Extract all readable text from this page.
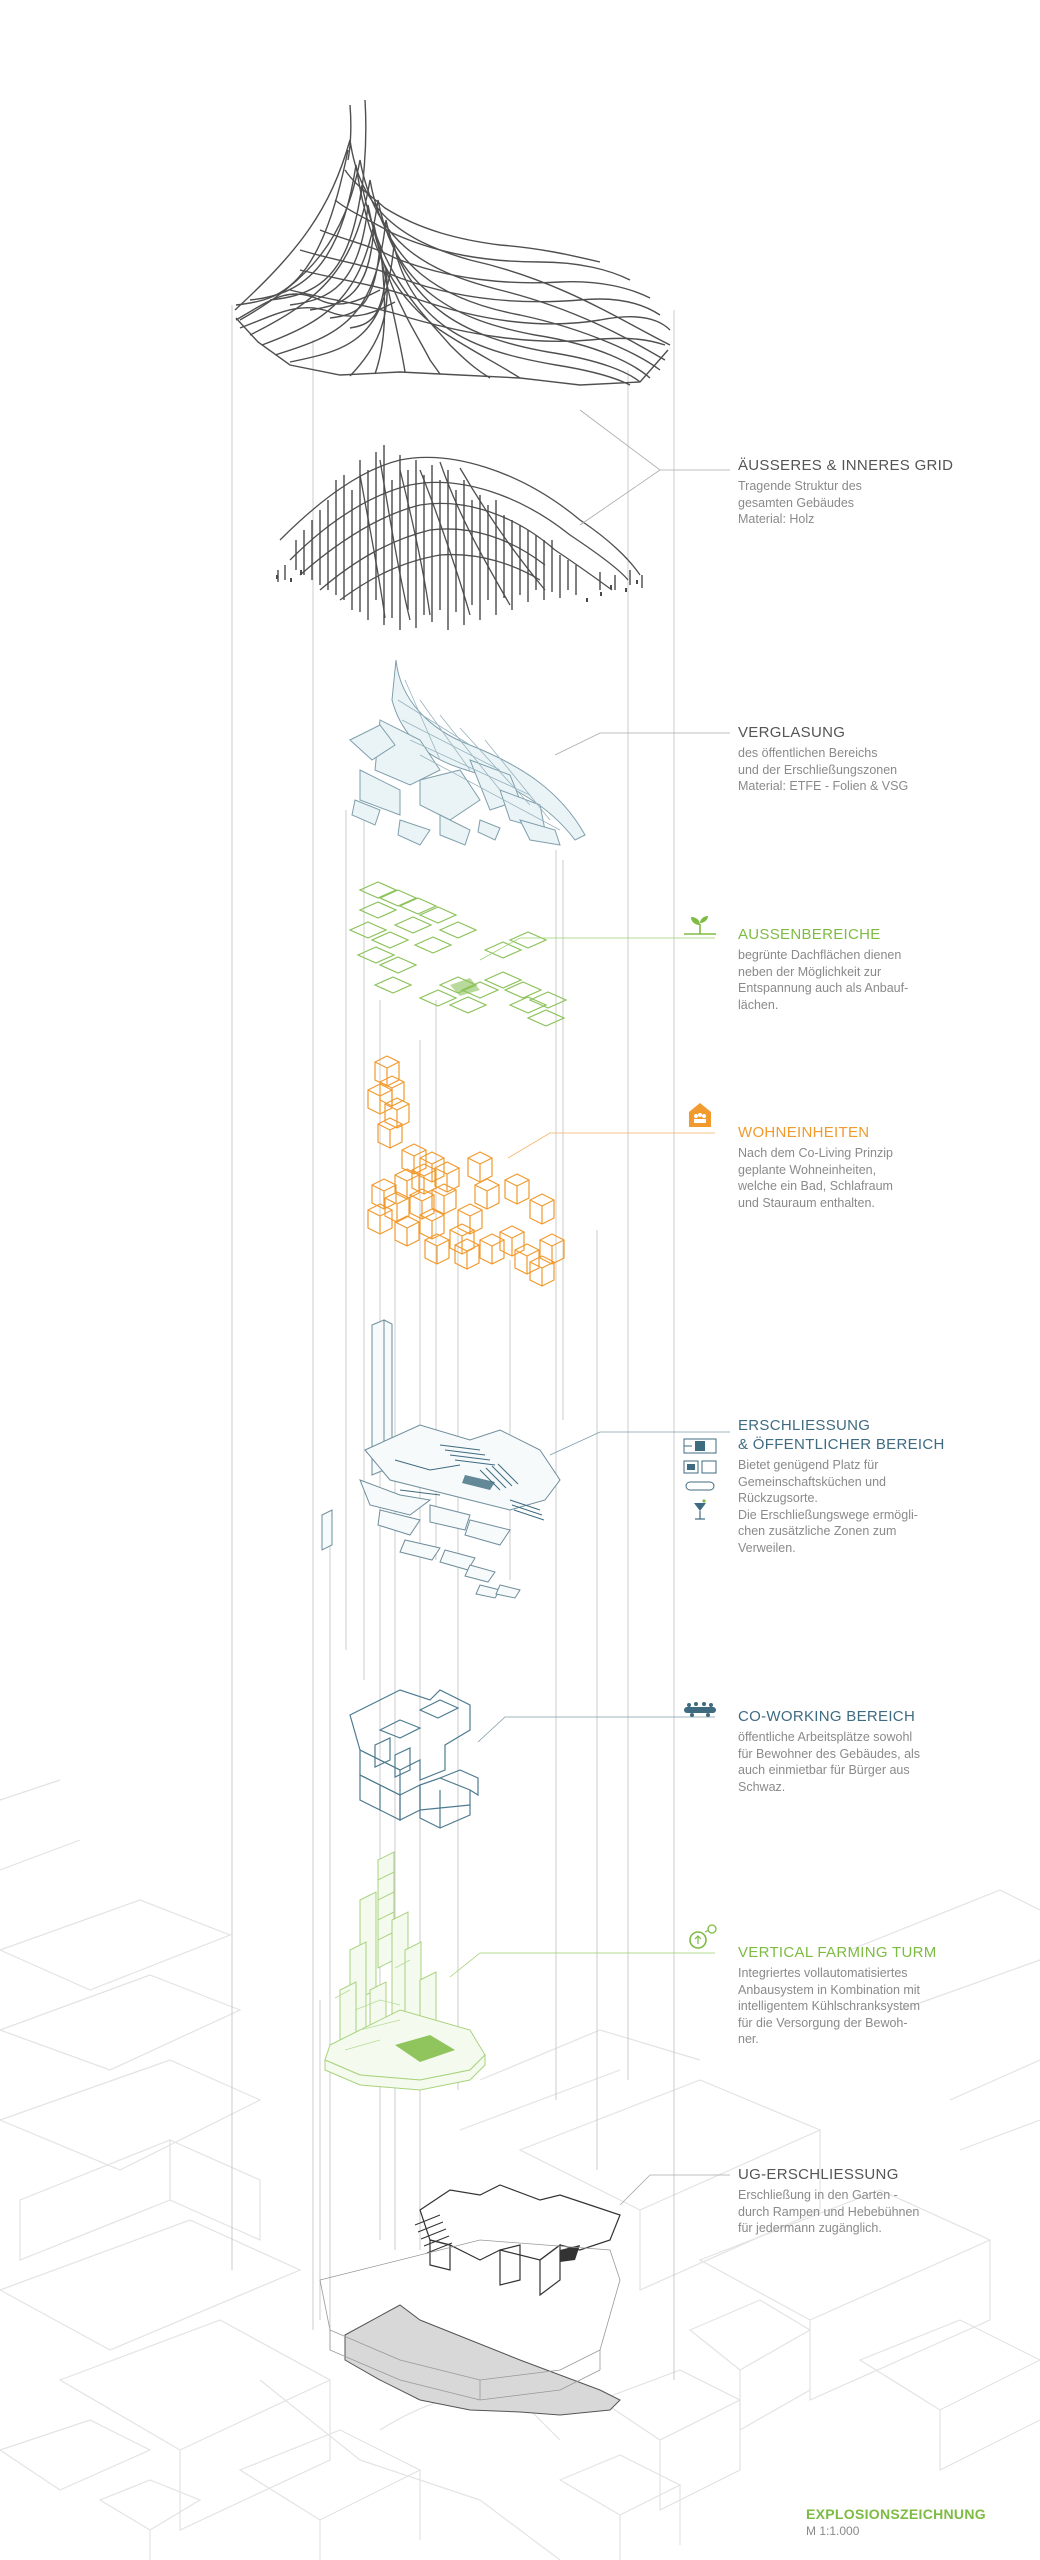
ÄUSSERES & INNERES GRID
Tragende Struktur des
gesamten Gebäudes
Material: Holz
VERGLASUNG
des öffentlichen Bereichs
und der Erschließungszonen
Material: ETFE - Folien & VSG
AUSSENBEREICHE
begrünte Dachflächen dienen
neben der Möglichkeit zur
Entspannung auch als Anbauf-
lächen.
WOHNEINHEITEN
Nach dem Co-Living Prinzip
geplante Wohneinheiten,
welche ein Bad, Schlafraum
und Stauraum enthalten.
ERSCHLIESSUNG
& ÖFFENTLICHER BEREICH
Bietet genügend Platz für
Gemeinschaftsküchen und
Rückzugsorte.
Die Erschließungswege ermögli-
chen zusätzliche Zonen zum
Verweilen.
CO-WORKING BEREICH
öffentliche Arbeitsplätze sowohl
für Bewohner des Gebäudes, als
auch einmietbar für Bürger aus
Schwaz.
VERTICAL FARMING TURM
Integriertes vollautomatisiertes
Anbausystem in Kombination mit
intelligentem Kühlschranksystem
für die Versorgung der Bewoh-
ner.
UG-ERSCHLIESSUNG
Erschließung in den Garten -
durch Rampen und Hebebühnen
für jedermann zugänglich.
EXPLOSIONSZEICHNUNG
M 1:1.000
